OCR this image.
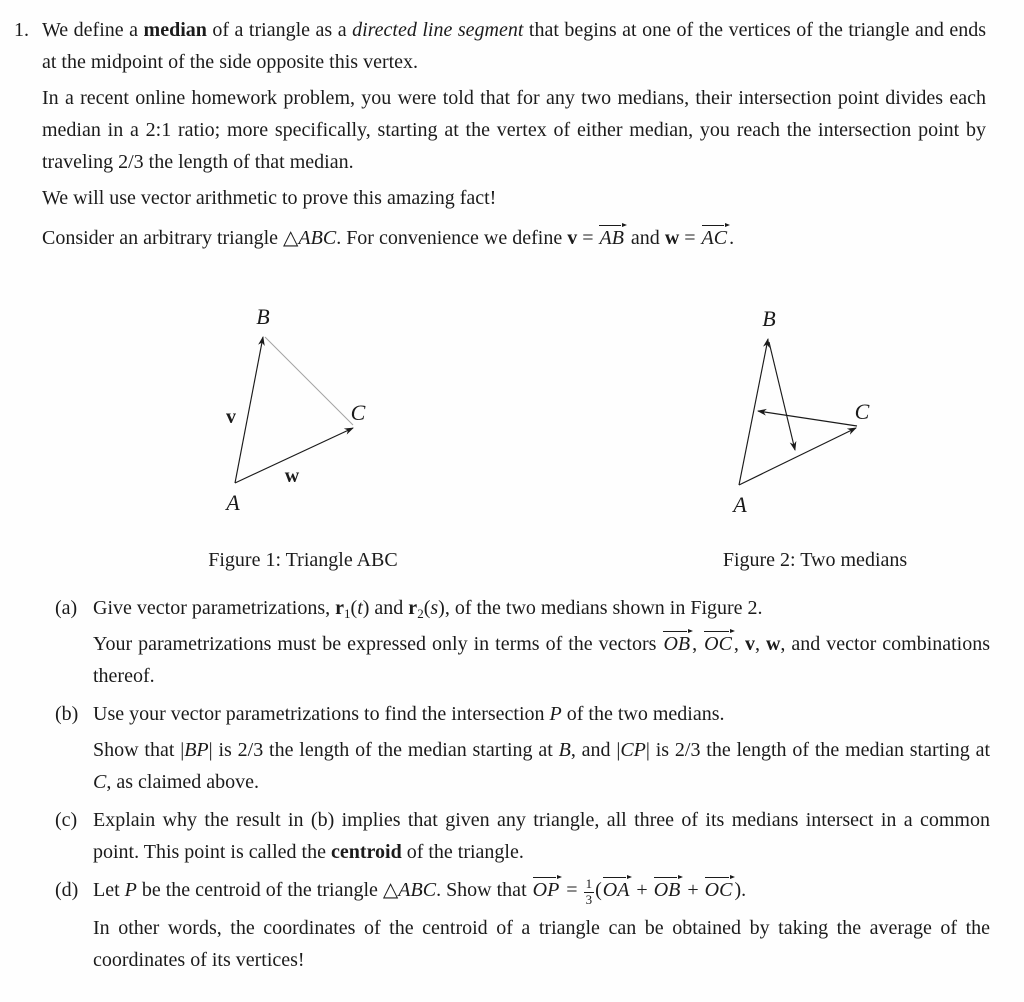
1. We define a median of a triangle as a directed line segment that begins at one of the vertices of the triangle and ends at the midpoint of the side opposite this vertex.
In a recent online homework problem, you were told that for any two medians, their intersection point divides each median in a 2:1 ratio; more specifically, starting at the vertex of either median, you reach the intersection point by traveling 2/3 the length of that median.
We will use vector arithmetic to prove this amazing fact!
Consider an arbitrary triangle △ABC. For convenience we define v = AB and w = AC .
B
A
C
v
w
B
A
C
Figure 1: Triangle ABC	Figure 2: Two medians
(a) Give vector parametrizations, $r_1(t)$ and $r_2(s)$, of the two medians shown in Figure 2.
Your parametrizations must be expressed only in terms of the vectors OB , OC , v, w, and vector combinations thereof.
(b) Use your vector parametrizations to find the intersection P of the two medians.
Show that |BP| is 2/3 the length of the median starting at B, and |CP| is 2/3 the length of the median starting at C, as claimed above.
(c) Explain why the result in (b) implies that given any triangle, all three of its medians intersect in a common point. This point is called the centroid of the triangle.
(d) Let P be the centroid of the triangle △ABC. Show that OP = $\frac{1}{3} (OA$ + OB + OC ).
In other words, the coordinates of the centroid of a triangle can be obtained by taking the average of the coordinates of its vertices!
